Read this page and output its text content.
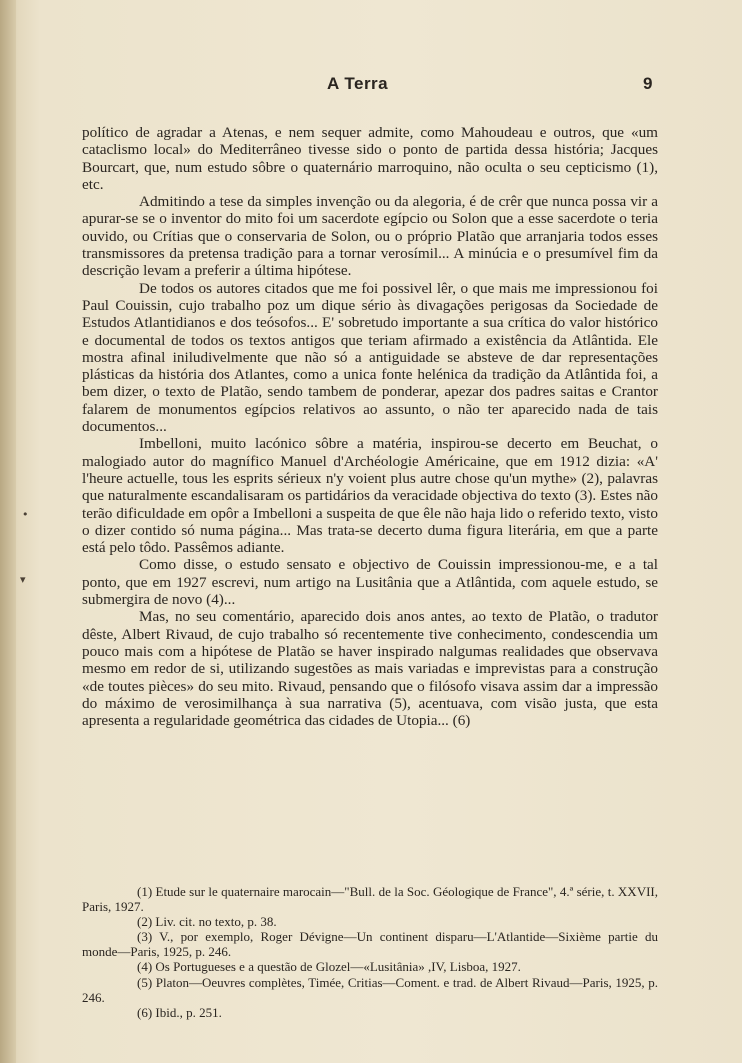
A Terra	9

político de agradar a Atenas, e nem sequer admite, como Mahoudeau e outros, que «um cataclismo local» do Mediterrâneo tivesse sido o ponto de partida dessa história; Jacques Bourcart, que, num estudo sôbre o quaternário marroquino, não oculta o seu cepticismo (1), etc.

Admitindo a tese da simples invenção ou da alegoria, é de crêr que nunca possa vir a apurar-se se o inventor do mito foi um sacerdote egípcio ou Solon que a esse sacerdote o teria ouvido, ou Crítias que o conservaria de Solon, ou o próprio Platão que arranjaria todos esses transmissores da pretensa tradição para a tornar verosímil... A minúcia e o presumível fim da descrição levam a preferir a última hipótese.

De todos os autores citados que me foi possivel lêr, o que mais me impressionou foi Paul Couissin, cujo trabalho poz um dique sério às divagações perigosas da Sociedade de Estudos Atlantidianos e dos teósofos... E' sobretudo importante a sua crítica do valor histórico e documental de todos os textos antigos que teriam afirmado a existência da Atlântida. Ele mostra afinal iniludivelmente que não só a antiguidade se absteve de dar representações plásticas da história dos Atlantes, como a unica fonte helénica da tradição da Atlântida foi, a bem dizer, o texto de Platão, sendo tambem de ponderar, apezar dos padres saitas e Crantor falarem de monumentos egípcios relativos ao assunto, o não ter aparecido nada de tais documentos...

Imbelloni, muito lacónico sôbre a matéria, inspirou-se decerto em Beuchat, o malogiado autor do magnífico Manuel d'Archéologie Américaine, que em 1912 dizia: «A' l'heure actuelle, tous les esprits sérieux n'y voient plus autre chose qu'un mythe» (2), palavras que naturalmente escandalisaram os partidários da veracidade objectiva do texto (3). Estes não terão dificuldade em opôr a Imbelloni a suspeita de que êle não haja lido o referido texto, visto o dizer contido só numa página... Mas trata-se decerto duma figura literária, em que a parte está pelo tôdo. Passêmos adiante.

Como disse, o estudo sensato e objectivo de Couissin impressionou-me, e a tal ponto, que em 1927 escrevi, num artigo na Lusitânia que a Atlântida, com aquele estudo, se submergira de novo (4)...

Mas, no seu comentário, aparecido dois anos antes, ao texto de Platão, o tradutor dêste, Albert Rivaud, de cujo trabalho só recentemente tive conhecimento, condescendia um pouco mais com a hipótese de Platão se haver inspirado nalgumas realidades que observava mesmo em redor de si, utilizando sugestões as mais variadas e imprevistas para a construção «de toutes pièces» do seu mito. Rivaud, pensando que o filósofo visava assim dar a impressão do máximo de verosimilhança à sua narrativa (5), acentuava, com visão justa, que esta apresenta a regularidade geométrica das cidades de Utopia... (6)

(1) Etude sur le quaternaire marocain—"Bull. de la Soc. Géologique de France", 4.ª série, t. XXVII, Paris, 1927.

(2) Liv. cit. no texto, p. 38.

(3) V., por exemplo, Roger Dévigne—Un continent disparu—L'Atlantide—Sixième partie du monde—Paris, 1925, p. 246.

(4) Os Portugueses e a questão de Glozel—«Lusitânia» ,IV, Lisboa, 1927.

(5) Platon—Oeuvres complètes, Timée, Critias—Coment. e trad. de Albert Rivaud—Paris, 1925, p. 246.

(6) Ibid., p. 251.

▾
•
